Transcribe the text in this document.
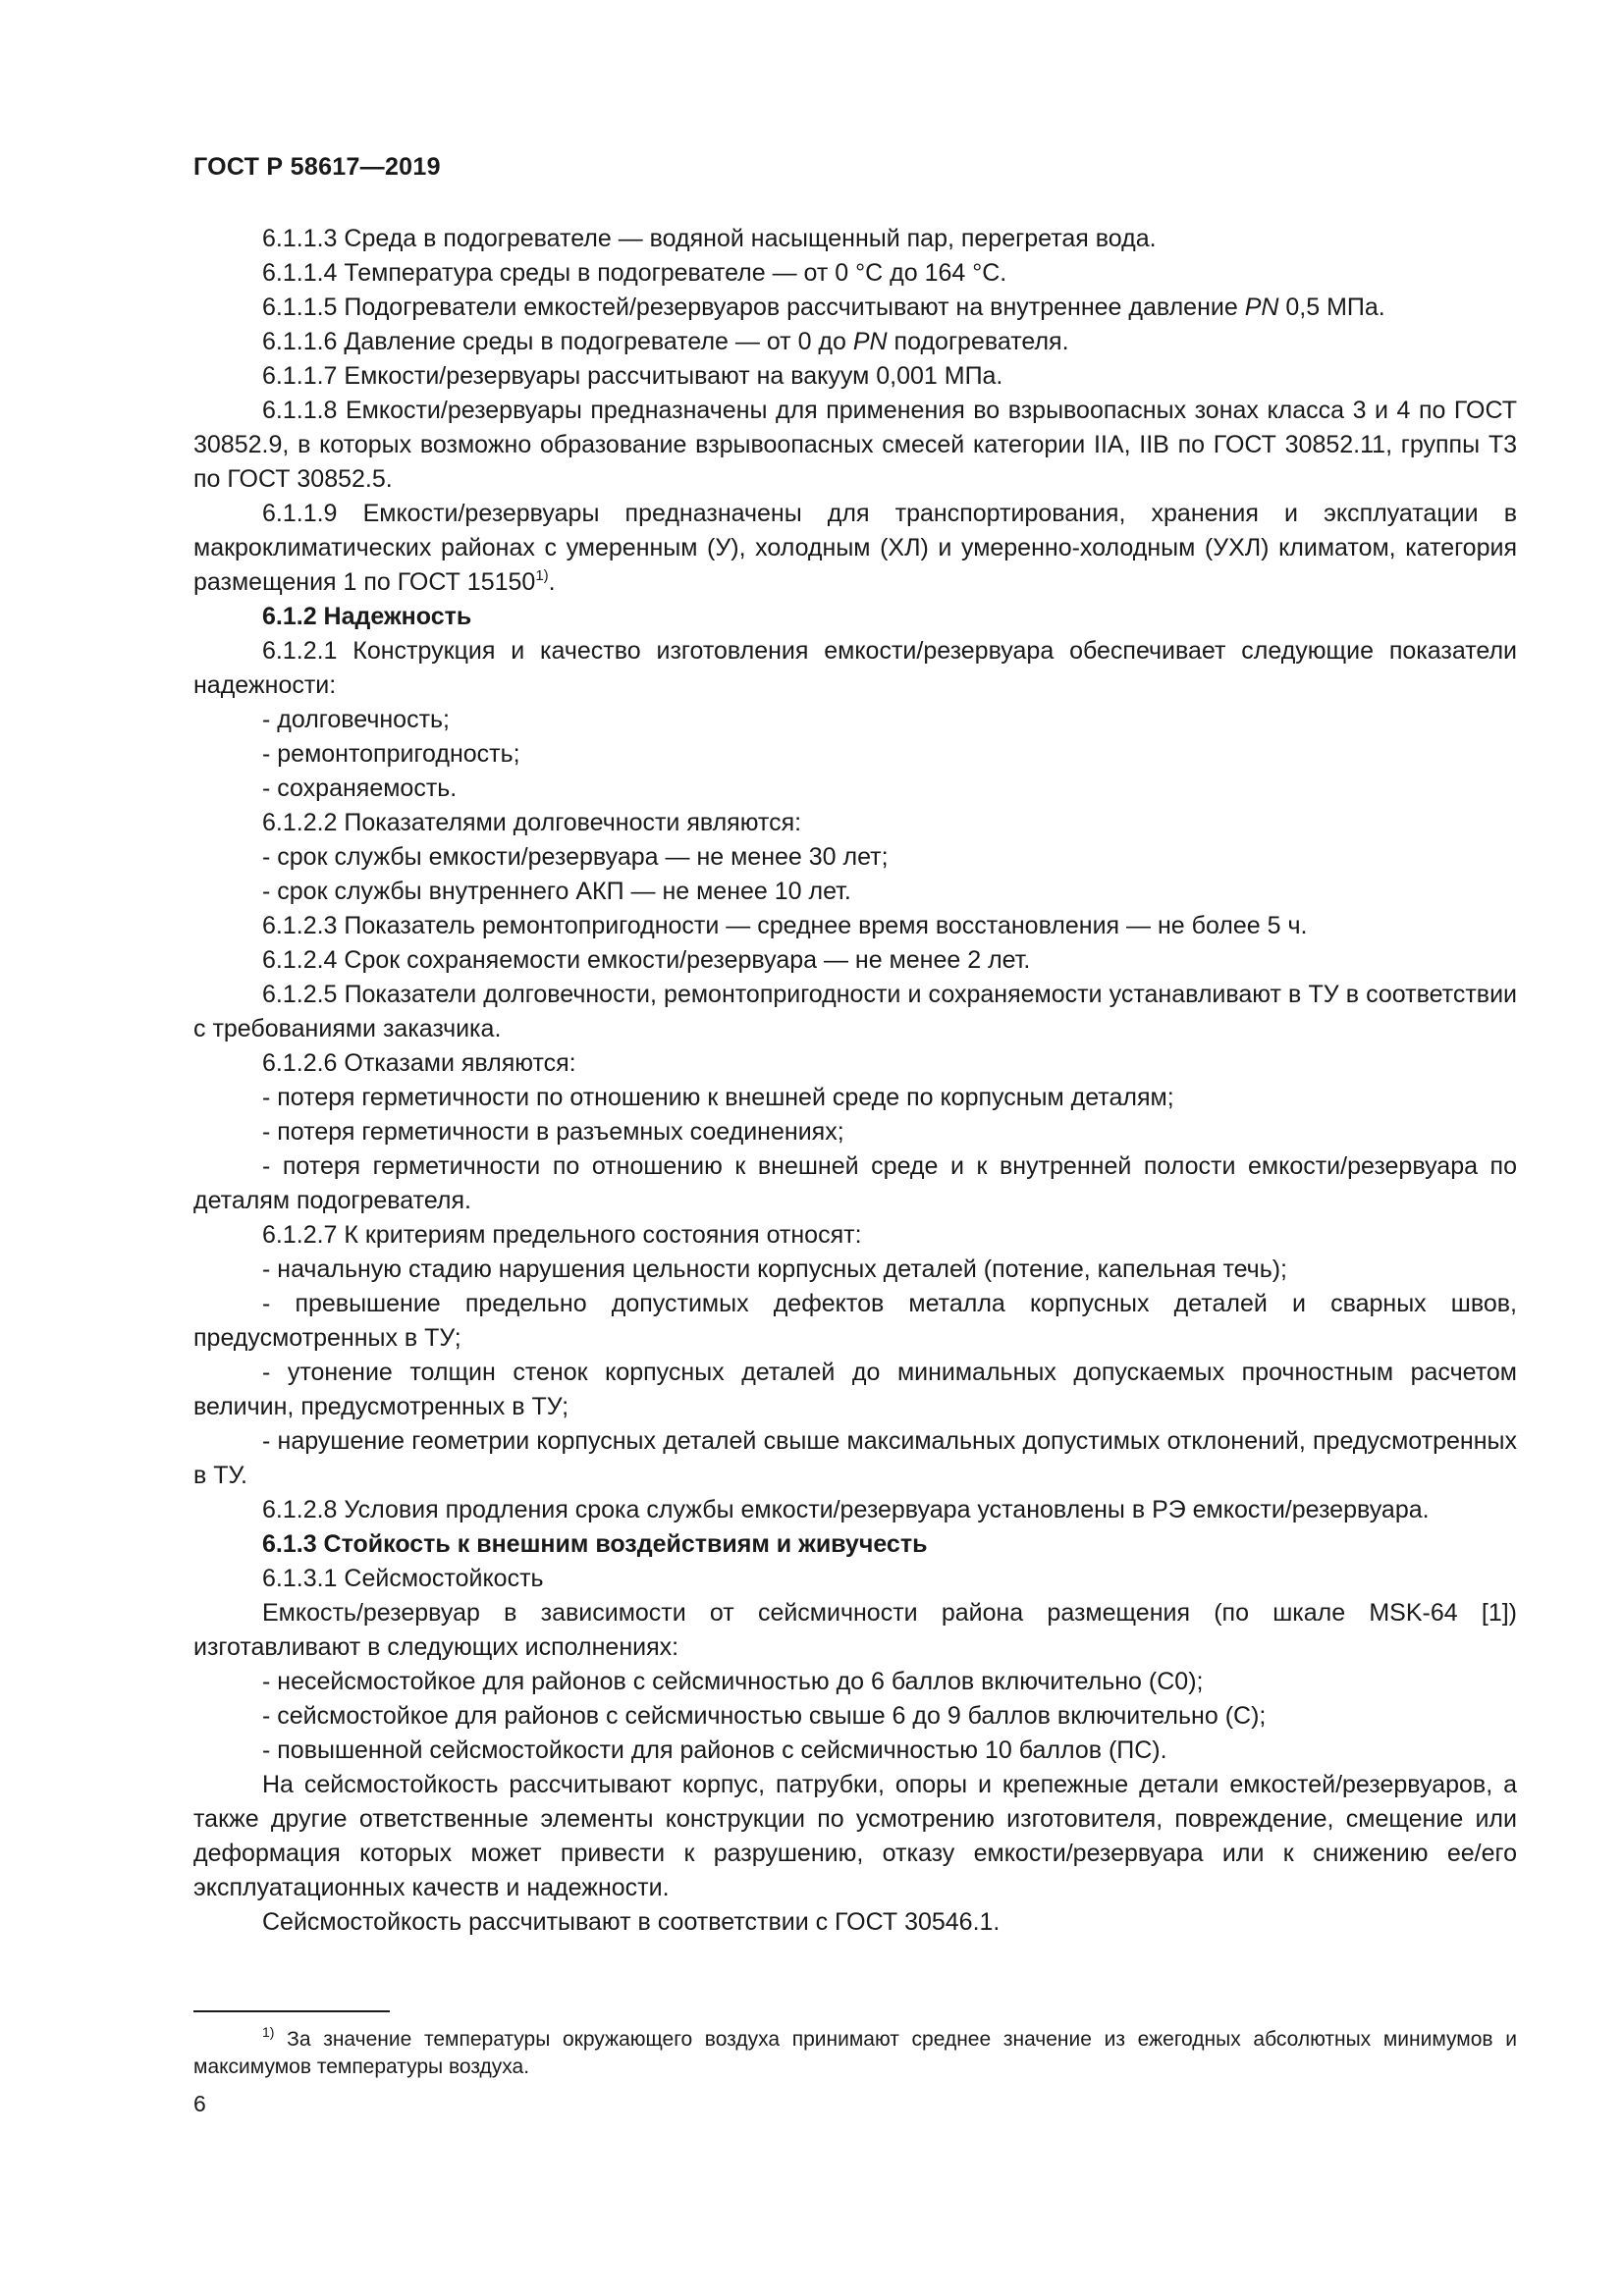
ГОСТ Р 58617—2019

6.1.1.3 Среда в подогревателе — водяной насыщенный пар, перегретая вода.

6.1.1.4 Температура среды в подогревателе — от 0 °C до 164 °C.

6.1.1.5 Подогреватели емкостей/резервуаров рассчитывают на внутреннее давление PN 0,5 МПа.

6.1.1.6 Давление среды в подогревателе — от 0 до PN подогревателя.

6.1.1.7 Емкости/резервуары рассчитывают на вакуум 0,001 МПа.

6.1.1.8 Емкости/резервуары предназначены для применения во взрывоопасных зонах класса 3 и 4 по ГОСТ 30852.9, в которых возможно образование взрывоопасных смесей категории IIA, IIB по ГОСТ 30852.11, группы Т3 по ГОСТ 30852.5.

6.1.1.9 Емкости/резервуары предназначены для транспортирования, хранения и эксплуатации в макроклиматических районах с умеренным (У), холодным (ХЛ) и умеренно-холодным (УХЛ) климатом, категория размещения 1 по ГОСТ 15150$^{1)}$.

6.1.2 Надежность

6.1.2.1 Конструкция и качество изготовления емкости/резервуара обеспечивает следующие показатели надежности:

- долговечность;

- ремонтопригодность;

- сохраняемость.

6.1.2.2 Показателями долговечности являются:

- срок службы емкости/резервуара — не менее 30 лет;

- срок службы внутреннего АКП — не менее 10 лет.

6.1.2.3 Показатель ремонтопригодности — среднее время восстановления — не более 5 ч.

6.1.2.4 Срок сохраняемости емкости/резервуара — не менее 2 лет.

6.1.2.5 Показатели долговечности, ремонтопригодности и сохраняемости устанавливают в ТУ в соответствии с требованиями заказчика.

6.1.2.6 Отказами являются:

- потеря герметичности по отношению к внешней среде по корпусным деталям;

- потеря герметичности в разъемных соединениях;

- потеря герметичности по отношению к внешней среде и к внутренней полости емкости/резервуара по деталям подогревателя.

6.1.2.7 К критериям предельного состояния относят:

- начальную стадию нарушения цельности корпусных деталей (потение, капельная течь);

- превышение предельно допустимых дефектов металла корпусных деталей и сварных швов, предусмотренных в ТУ;

- утонение толщин стенок корпусных деталей до минимальных допускаемых прочностным расчетом величин, предусмотренных в ТУ;

- нарушение геометрии корпусных деталей свыше максимальных допустимых отклонений, предусмотренных в ТУ.

6.1.2.8 Условия продления срока службы емкости/резервуара установлены в РЭ емкости/резервуара.

6.1.3 Стойкость к внешним воздействиям и живучесть

6.1.3.1 Сейсмостойкость

Емкость/резервуар в зависимости от сейсмичности района размещения (по шкале MSK-64 [1]) изготавливают в следующих исполнениях:

- несейсмостойкое для районов с сейсмичностью до 6 баллов включительно (С0);

- сейсмостойкое для районов с сейсмичностью свыше 6 до 9 баллов включительно (С);

- повышенной сейсмостойкости для районов с сейсмичностью 10 баллов (ПС).

На сейсмостойкость рассчитывают корпус, патрубки, опоры и крепежные детали емкостей/резервуаров, а также другие ответственные элементы конструкции по усмотрению изготовителя, повреждение, смещение или деформация которых может привести к разрушению, отказу емкости/резервуара или к снижению ее/его эксплуатационных качеств и надежности.

Сейсмостойкость рассчитывают в соответствии с ГОСТ 30546.1.

$^{1)}$ За значение температуры окружающего воздуха принимают среднее значение из ежегодных абсолютных минимумов и максимумов температуры воздуха.

6
